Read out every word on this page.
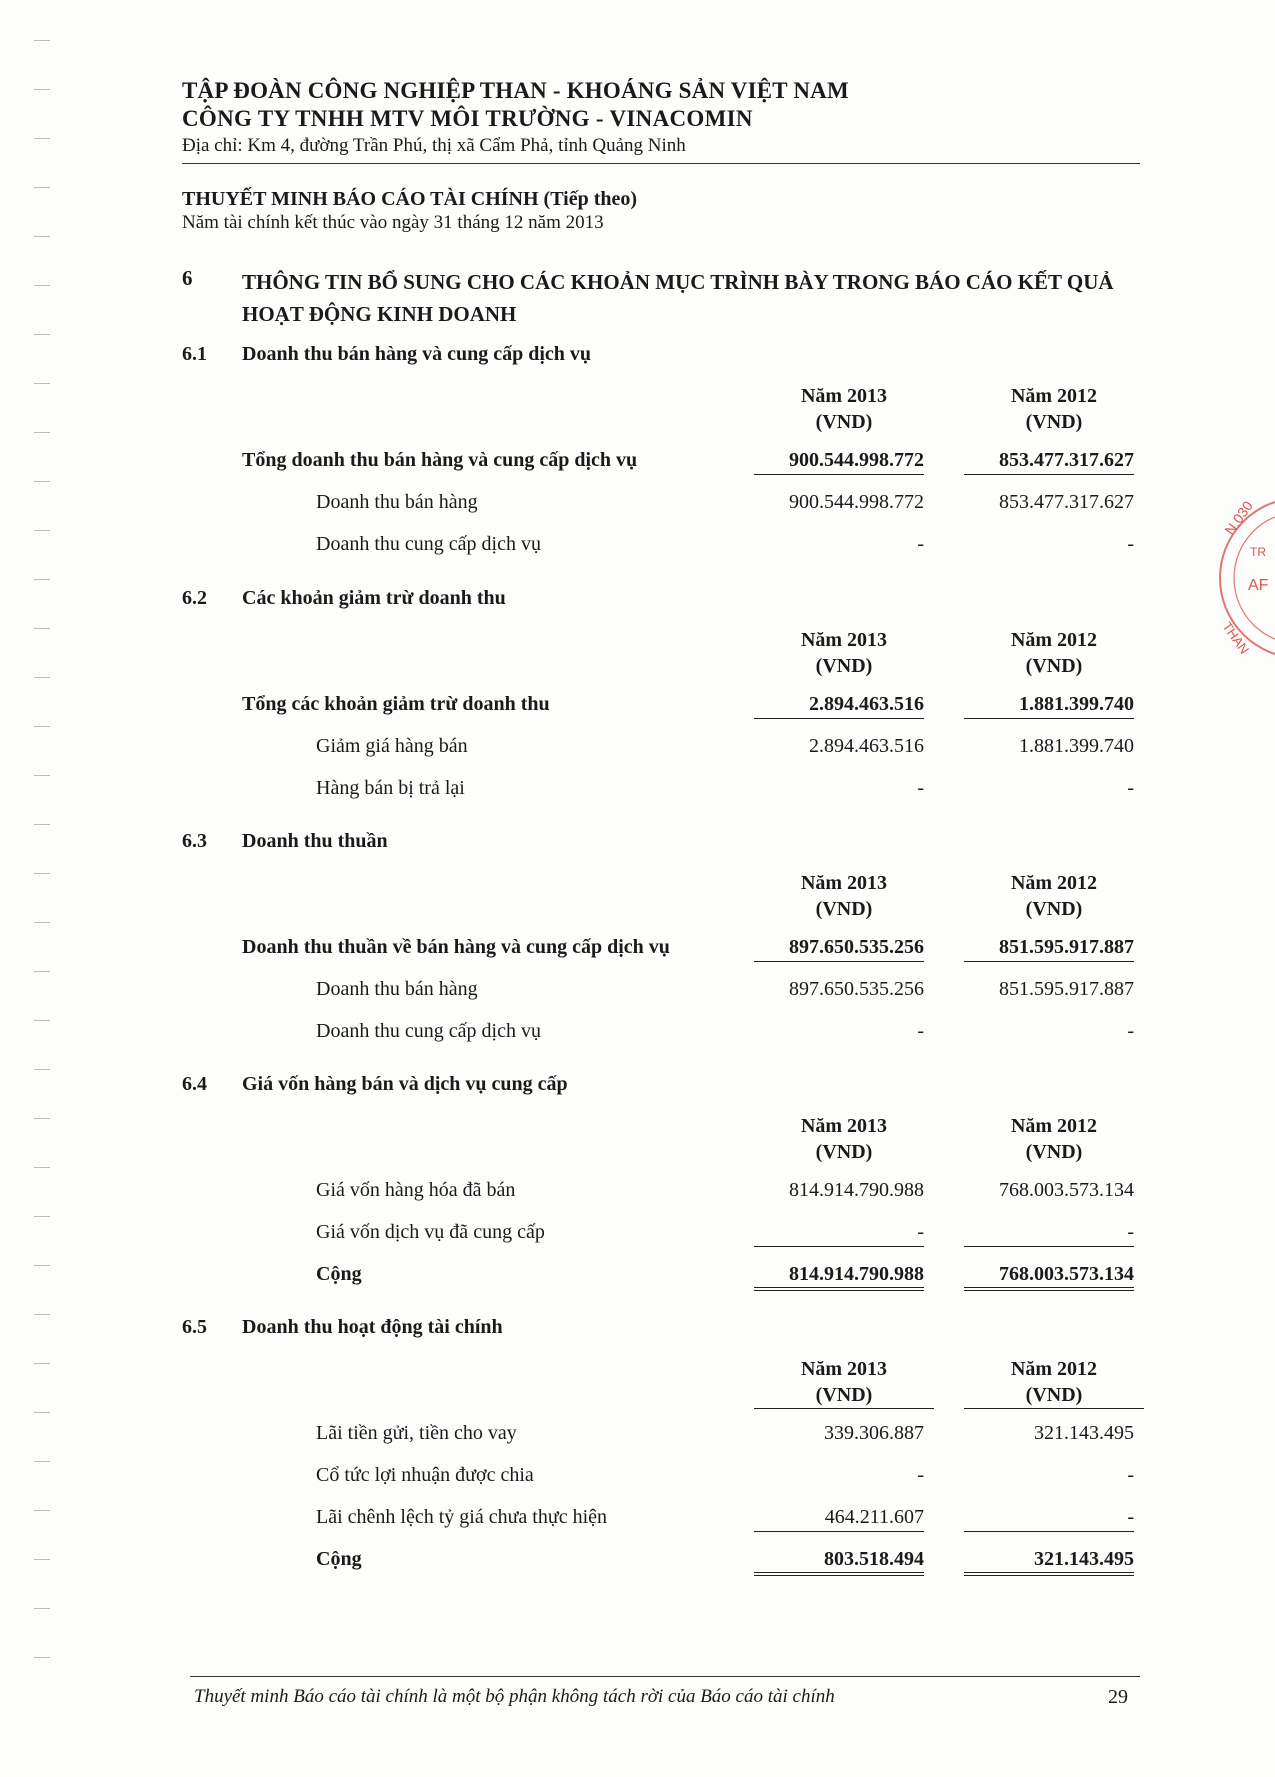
TẬP ĐOÀN CÔNG NGHIỆP THAN - KHOÁNG SẢN VIỆT NAM
CÔNG TY TNHH MTV MÔI TRƯỜNG - VINACOMIN
Địa chỉ: Km 4, đường Trần Phú, thị xã Cẩm Phả, tỉnh Quảng Ninh
THUYẾT MINH BÁO CÁO TÀI CHÍNH (Tiếp theo)
Năm tài chính kết thúc vào ngày 31 tháng 12 năm 2013
6 THÔNG TIN BỔ SUNG CHO CÁC KHOẢN MỤC TRÌNH BÀY TRONG BÁO CÁO KẾT QUẢ HOẠT ĐỘNG KINH DOANH
6.1 Doanh thu bán hàng và cung cấp dịch vụ
Năm 2013
(VND)
Năm 2012
(VND)
Tổng doanh thu bán hàng và cung cấp dịch vụ	900.544.998.772	853.477.317.627
Doanh thu bán hàng	900.544.998.772	853.477.317.627
Doanh thu cung cấp dịch vụ	-	-
6.2 Các khoản giảm trừ doanh thu
Năm 2013
(VND)
Năm 2012
(VND)
Tổng các khoản giảm trừ doanh thu	2.894.463.516	1.881.399.740
Giảm giá hàng bán	2.894.463.516	1.881.399.740
Hàng bán bị trả lại	-	-
6.3 Doanh thu thuần
Năm 2013
(VND)
Năm 2012
(VND)
Doanh thu thuần về bán hàng và cung cấp dịch vụ	897.650.535.256	851.595.917.887
Doanh thu bán hàng	897.650.535.256	851.595.917.887
Doanh thu cung cấp dịch vụ	-	-
6.4 Giá vốn hàng bán và dịch vụ cung cấp
Năm 2013
(VND)
Năm 2012
(VND)
Giá vốn hàng hóa đã bán	814.914.790.988	768.003.573.134
Giá vốn dịch vụ đã cung cấp	-	-
Cộng	814.914.790.988	768.003.573.134
6.5 Doanh thu hoạt động tài chính
Năm 2013
(VND)
Năm 2012
(VND)
Lãi tiền gửi, tiền cho vay	339.306.887	321.143.495
Cổ tức lợi nhuận được chia	-	-
Lãi chênh lệch tỷ giá chưa thực hiện	464.211.607	-
Cộng	803.518.494	321.143.495
Thuyết minh Báo cáo tài chính là một bộ phận không tách rời của Báo cáo tài chính	29
N.030
TR
AF
THAN
